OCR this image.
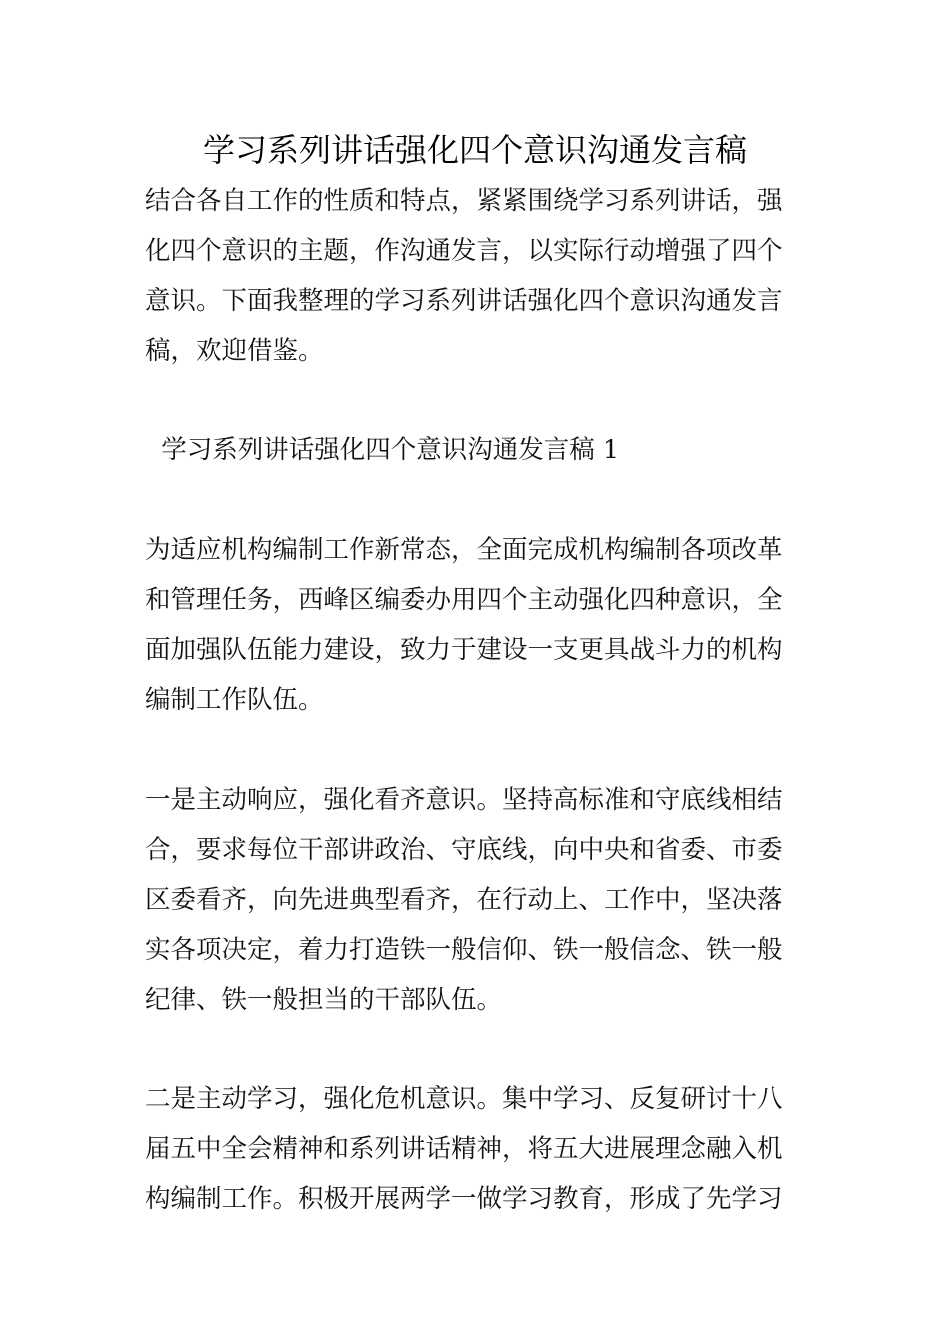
学习系列讲话强化四个意识沟通发言稿
结合各自工作的性质和特点，紧紧围绕学习系列讲话，强
化四个意识的主题，作沟通发言，以实际行动增强了四个
意识。下面我整理的学习系列讲话强化四个意识沟通发言
稿，欢迎借鉴。
学习系列讲话强化四个意识沟通发言稿 1
为适应机构编制工作新常态，全面完成机构编制各项改革
和管理任务，西峰区编委办用四个主动强化四种意识，全
面加强队伍能力建设，致力于建设一支更具战斗力的机构
编制工作队伍。
一是主动响应，强化看齐意识。坚持高标准和守底线相结
合，要求每位干部讲政治、守底线，向中央和省委、市委
区委看齐，向先进典型看齐，在行动上、工作中，坚决落
实各项决定，着力打造铁一般信仰、铁一般信念、铁一般
纪律、铁一般担当的干部队伍。
二是主动学习，强化危机意识。集中学习、反复研讨十八
届五中全会精神和系列讲话精神，将五大进展理念融入机
构编制工作。积极开展两学一做学习教育，形成了先学习
